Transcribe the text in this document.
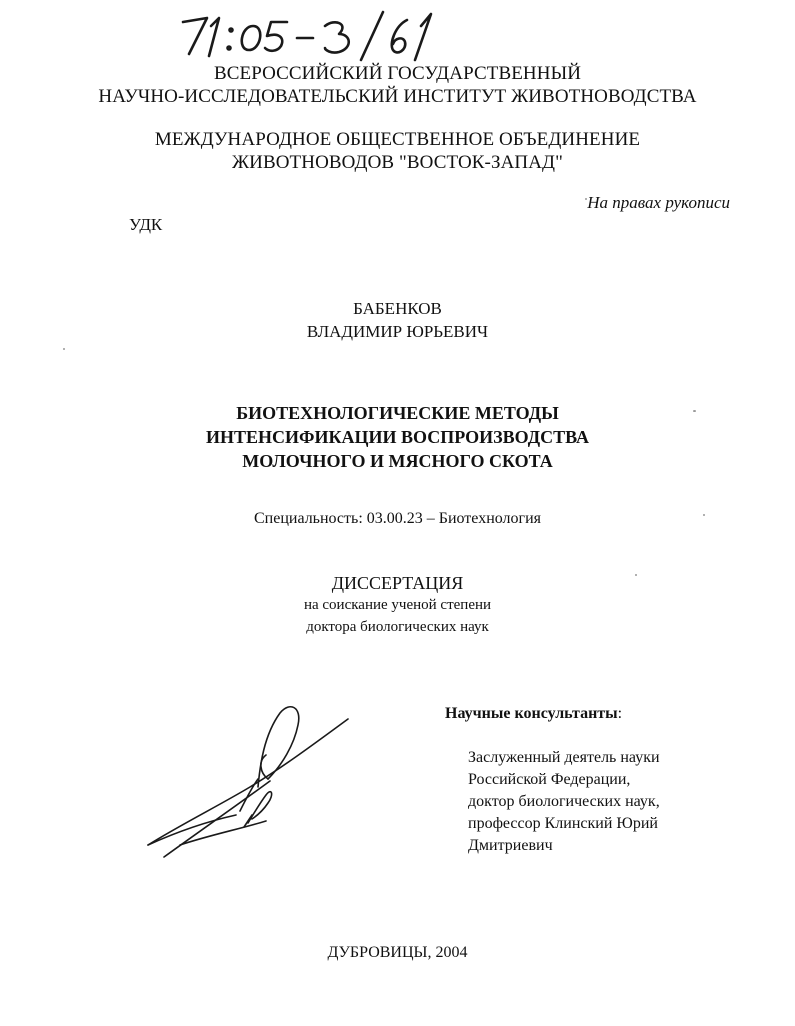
ВСЕРОССИЙСКИЙ ГОСУДАРСТВЕННЫЙ
НАУЧНО-ИССЛЕДОВАТЕЛЬСКИЙ ИНСТИТУТ ЖИВОТНОВОДСТВА
МЕЖДУНАРОДНОЕ ОБЩЕСТВЕННОЕ ОБЪЕДИНЕНИЕ
ЖИВОТНОВОДОВ "ВОСТОК-ЗАПАД"
На правах рукописи
УДК
БАБЕНКОВ
ВЛАДИМИР ЮРЬЕВИЧ
БИОТЕХНОЛОГИЧЕСКИЕ МЕТОДЫ
ИНТЕНСИФИКАЦИИ ВОСПРОИЗВОДСТВА
МОЛОЧНОГО И МЯСНОГО СКОТА
Специальность: 03.00.23 – Биотехнология
ДИССЕРТАЦИЯ
на соискание ученой степени
доктора биологических наук
Научные консультанты:
Заслуженный деятель науки
Российской Федерации,
доктор биологических наук,
профессор Клинский Юрий
Дмитриевич
ДУБРОВИЦЫ, 2004
